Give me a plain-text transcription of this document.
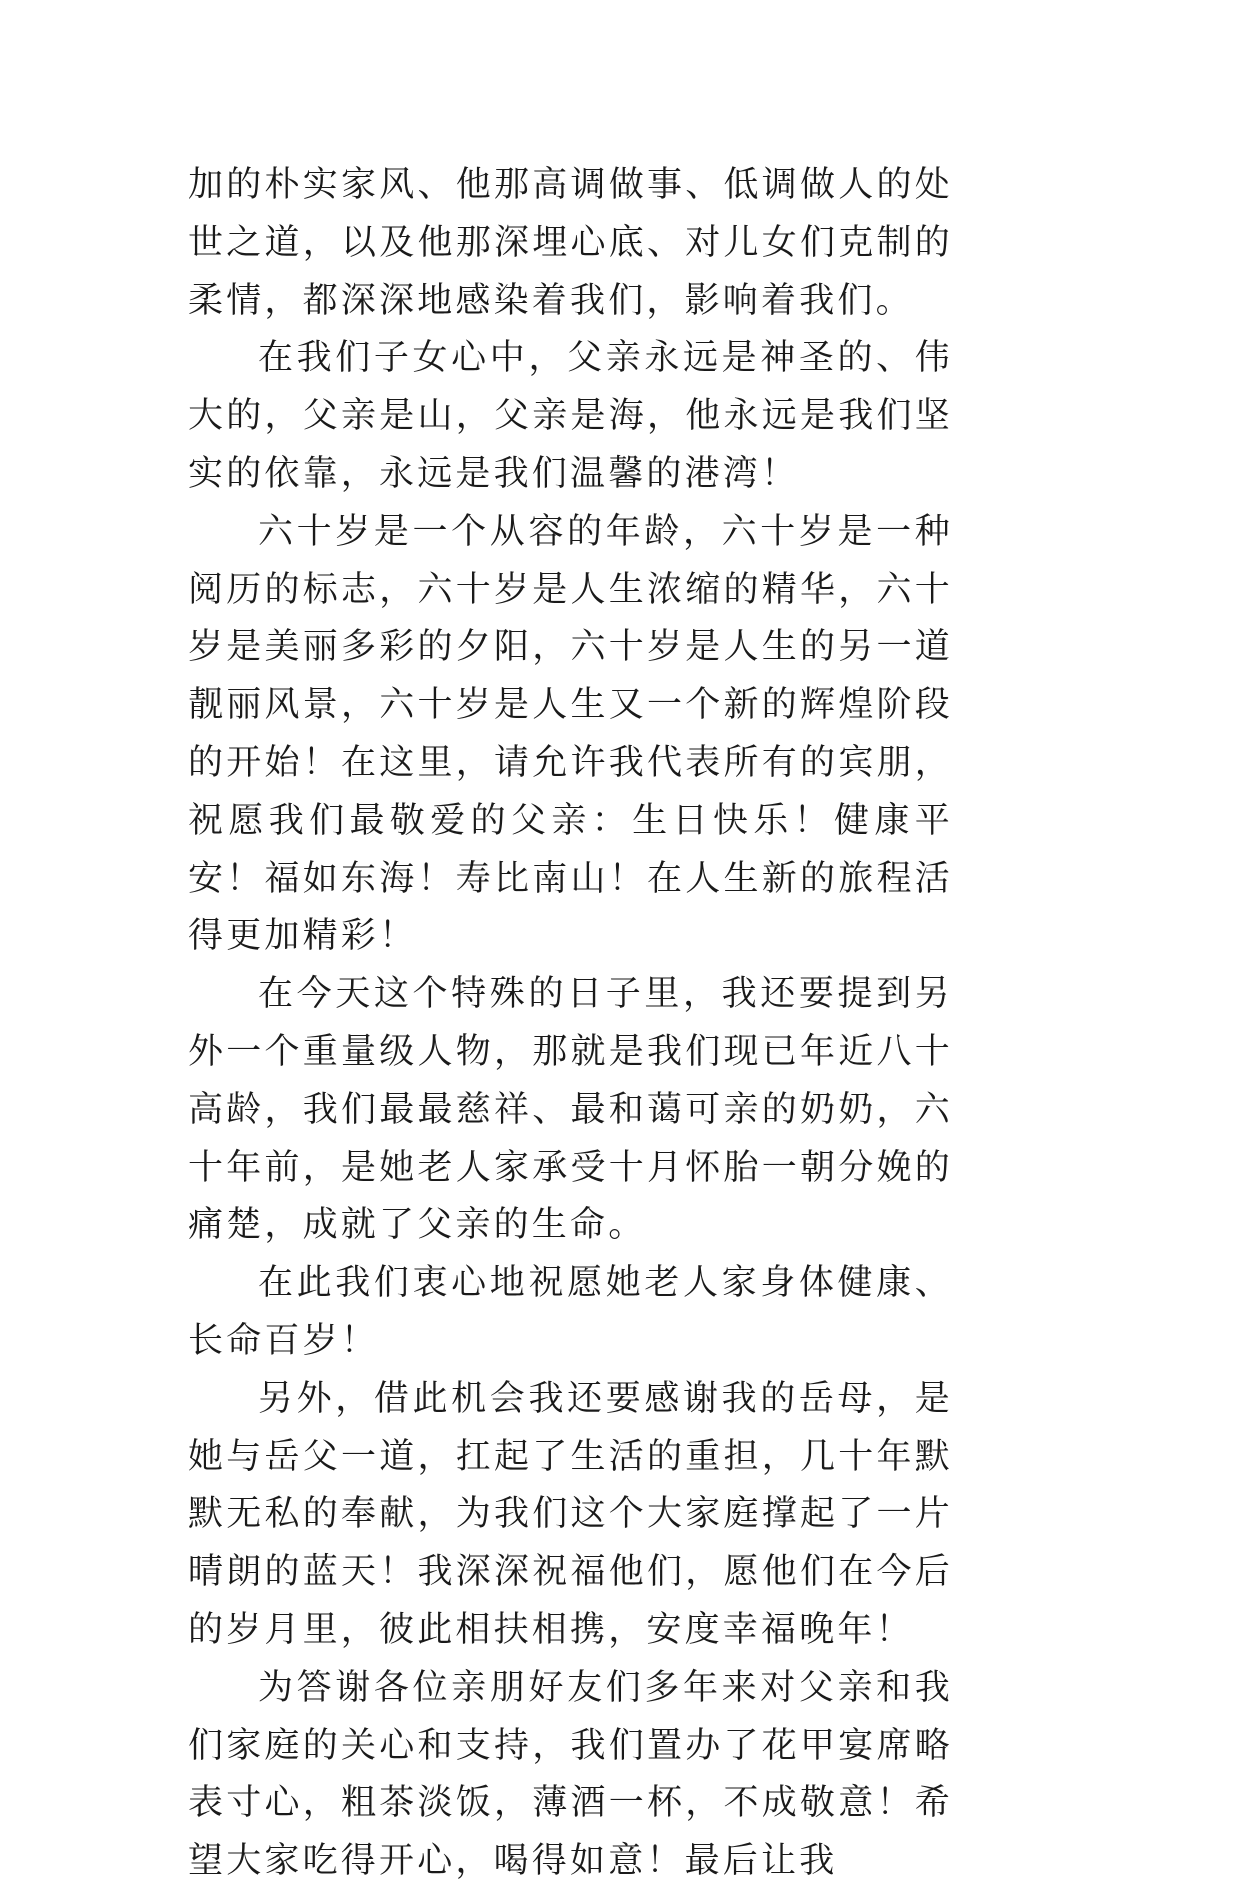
加的朴实家风、他那高调做事、低调做人的处世之道，以及他那深埋心底、对儿女们克制的柔情，都深深地感染着我们，影响着我们。

在我们子女心中，父亲永远是神圣的、伟大的，父亲是山，父亲是海，他永远是我们坚实的依靠，永远是我们温馨的港湾！

六十岁是一个从容的年龄，六十岁是一种阅历的标志，六十岁是人生浓缩的精华，六十岁是美丽多彩的夕阳，六十岁是人生的另一道靓丽风景，六十岁是人生又一个新的辉煌阶段的开始！在这里，请允许我代表所有的宾朋，祝愿我们最敬爱的父亲：生日快乐！健康平安！福如东海！寿比南山！在人生新的旅程活得更加精彩！

在今天这个特殊的日子里，我还要提到另外一个重量级人物，那就是我们现已年近八十高龄，我们最最慈祥、最和蔼可亲的奶奶，六十年前，是她老人家承受十月怀胎一朝分娩的痛楚，成就了父亲的生命。

在此我们衷心地祝愿她老人家身体健康、长命百岁！

另外，借此机会我还要感谢我的岳母，是她与岳父一道，扛起了生活的重担，几十年默默无私的奉献，为我们这个大家庭撑起了一片晴朗的蓝天！我深深祝福他们，愿他们在今后的岁月里，彼此相扶相携，安度幸福晚年！

为答谢各位亲朋好友们多年来对父亲和我们家庭的关心和支持，我们置办了花甲宴席略表寸心，粗茶淡饭，薄酒一杯，不成敬意！希望大家吃得开心，喝得如意！最后让我
